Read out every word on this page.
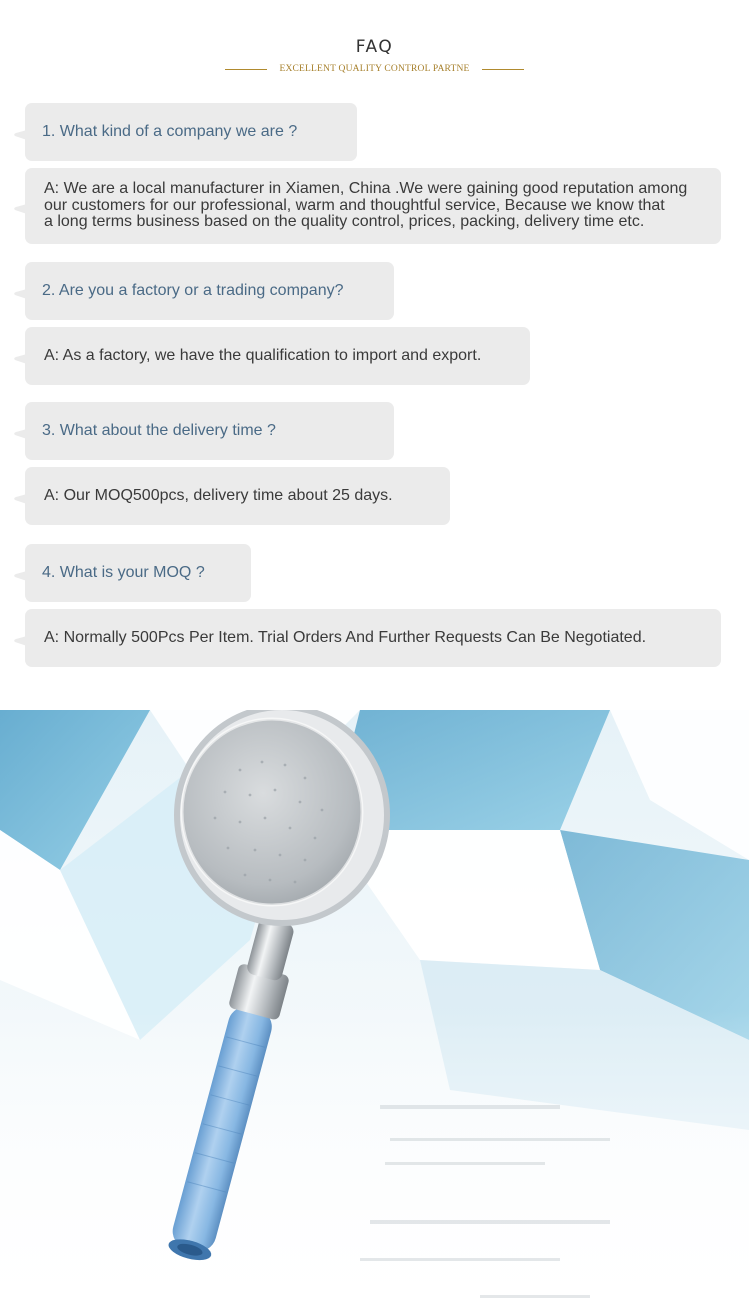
FAQ
EXCELLENT QUALITY CONTROL PARTNE
1. What kind of a company we are ?
A: We are a local manufacturer in Xiamen, China .We were gaining good reputation among
our customers for our professional, warm and thoughtful service, Because we know that
a long terms business based on the quality control, prices, packing, delivery time etc.
2. Are you a factory or a trading company?
A: As a factory, we have the qualification to import and export.
3. What about the delivery time ?
A: Our MOQ500pcs, delivery time about 25 days.
4. What is your MOQ ?
A: Normally 500Pcs Per Item. Trial Orders And Further Requests Can Be Negotiated.
